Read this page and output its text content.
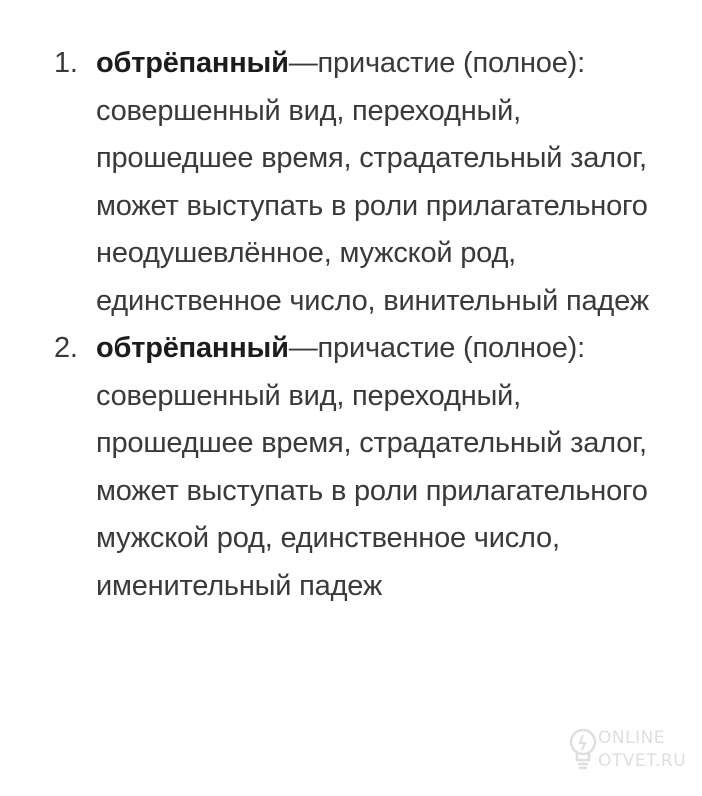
1. обтрёпанный—причастие (полное): совершенный вид, переходный, прошедшее время, страдательный залог, может выступать в роли прилагательного неодушевлённое, мужской род, единственное число, винительный падеж
2. обтрёпанный—причастие (полное): совершенный вид, переходный, прошедшее время, страдательный залог, может выступать в роли прилагательного мужской род, единственное число, именительный падеж
ONLINE
OTVET.RU
